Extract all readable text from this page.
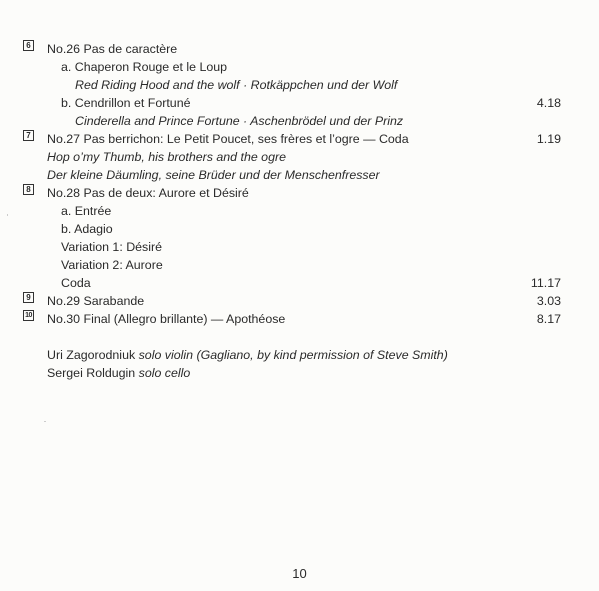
6 No.26 Pas de caractère
a. Chaperon Rouge et le Loup
Red Riding Hood and the wolf · Rotkäppchen und der Wolf
b. Cendrillon et Fortuné	4.18
Cinderella and Prince Fortune · Aschenbrödel und der Prinz
7 No.27 Pas berrichon: Le Petit Poucet, ses frères et l’ogre — Coda	1.19
Hop o’my Thumb, his brothers and the ogre
Der kleine Däumling, seine Brüder und der Menschenfresser
8 No.28 Pas de deux: Aurore et Désiré
a. Entrée
b. Adagio
Variation 1: Désiré
Variation 2: Aurore
Coda	11.17
9 No.29 Sarabande	3.03
10 No.30 Final (Allegro brillante) — Apothéose	8.17
Uri Zagorodniuk solo violin (Gagliano, by kind permission of Steve Smith)
Sergei Roldugin solo cello
10
